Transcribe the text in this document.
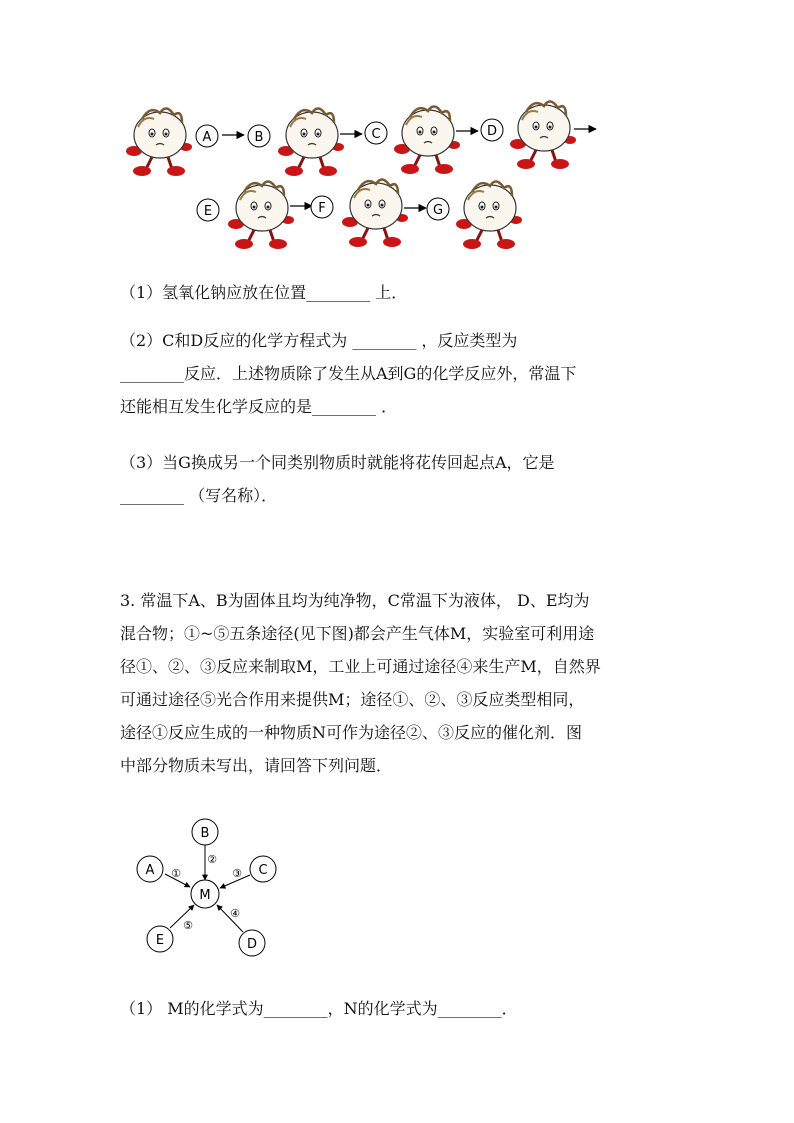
A	B	C	D
E	F	G
（1）氢氧化钠应放在位置________ 上．
（2）C和D反应的化学方程式为 ________ ，反应类型为
________反应．上述物质除了发生从A到G的化学反应外，常温下
还能相互发生化学反应的是________ ．
（3）当G换成另一个同类别物质时就能将花传回起点A，它是
________ （写名称）．
3. 常温下A、B为固体且均为纯净物，C常温下为液体， D、E均为
混合物；①~⑤五条途径(见下图)都会产生气体M，实验室可利用途
径①、②、③反应来制取M，工业上可通过途径④来生产M，自然界
可通过途径⑤光合作用来提供M；途径①、②、③反应类型相同，
途径①反应生成的一种物质N可作为途径②、③反应的催化剂．图
中部分物质未写出，请回答下列问题．
A
B
C
D
E
M
①
②
③
④
⑤
（1） M的化学式为________，N的化学式为________．
